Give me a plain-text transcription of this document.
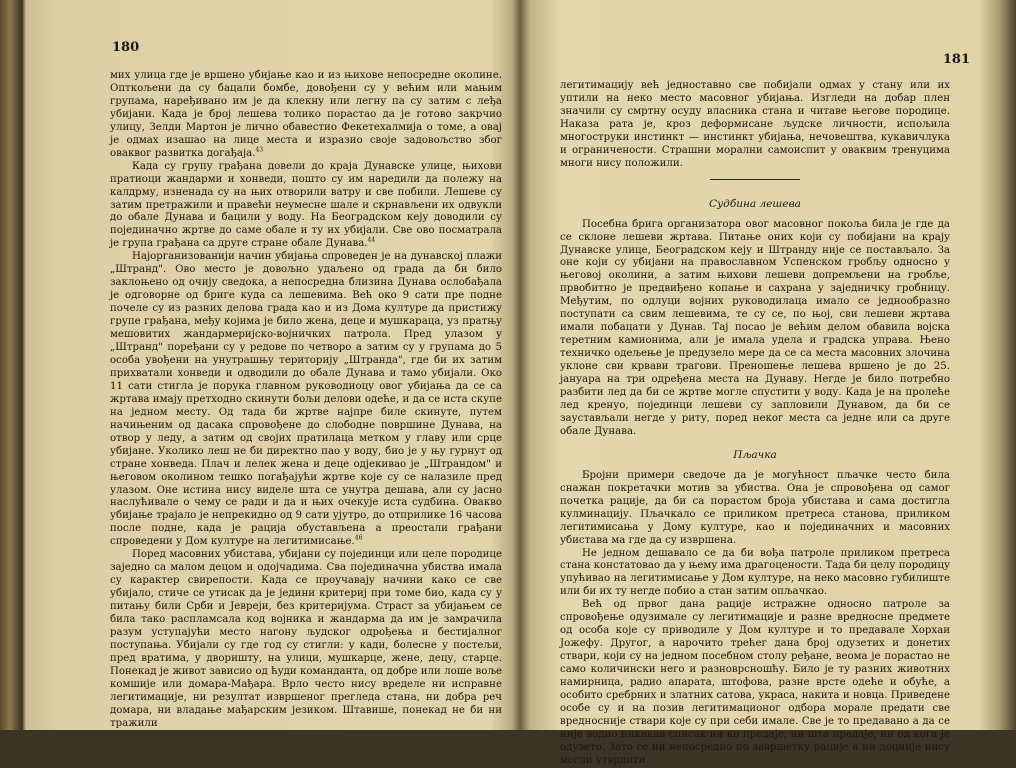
180

мих улица где је вршено убијање као и из њихове непосредне околине. Опткољени да су бацали бомбе, довођени су у већим или мањим групама, наређивано им је да клекну или легну па су затим с леђа убијани. Када је број лешева толико порастао да је готово закрчио улицу, Зелди Мартон је лично обавестио Фекетехалмија о томе, а овај је одмах изашао на лице места и изразио своје задовољство због оваквог развитка догађаја.$^{43}$

Када су групу грађана довели до краја Дунавске улице, њихови пратиоци жандарми и хонведи, пошто су им наредили да полежу на калдрму, изненада су на њих отворили ватру и све побили. Лешеве су затим претражили и правећи неумесне шале и скрнављени их одвукли до обале Дунава и бацили у воду. На Београдском кеју доводили су појединачно жртве до саме обале и ту их убијали. Све ово посматрала је група грађана са друге стране обале Дунава.$^{44}$

Најорганизованији начин убијања спроведен је на дунавској плажи „Штранд". Ово место је довољно удаљено од града да би било заклоњено од очију сведока, а непосредна близина Дунава ослобађала је одговорне од бриге куда са лешевима. Већ око 9 сати пре подне почеле су из разних делова града као и из Дома културе да пристижу групе грађана, међу којима је било жена, деце и мушкараца, уз пратњу мешовитих жандармеријско-војничких патрола. Пред улазом у „Штранд" поређани су у редове по четворо а затим су у групама до 5 особа увођени на унутрашњу територију „Штранда", где би их затим прихватали хонведи и одводили до обале Дунава и тамо убијали. Око 11 сати стигла је порука главном руководиоцу овог убијања да се са жртава имају претходно скинути бољи делови одеће, и да се иста скупе на једном месту. Од тада би жртве најпре биле скинуте, путем начињеним од дасака спровођене до слободне површине Дунава, на отвор у леду, а затим од својих пратилаца метком у главу или срце убијане. Уколико леш не би директно пао у воду, био је у њу гурнут од стране хонведа. Плач и лелек жена и деце одјекивао је „Штрандом" и његовом околином тешко погађајући жртве које су се налазиле пред улазом. Оне истина нису виделе шта се унутра дешава, али су јасно наслућивале о чему се ради и да и њих очекује иста судбина. Овакво убијање трајало је непрекидно од 9 сати ујутро, до отприлике 16 часова после подне, када је рација обустављена а преостали грађани спроведени у Дом културе на легитимисање.$^{46}$

Поред масовних убистава, убијани су појединци или целе породице заједно са малом децом и одојчадима. Сва појединачна убиства имала су карактер свирепости. Када се проучавају начини како се све убијало, стиче се утисак да је једини критериј при томе био, када су у питању били Срби и Јевреји, без критеријума. Страст за убијањем се била тако распламсала код војника и жандарма да им је замрачила разум уступајући место нагону људског одрођења и бестијалног поступања. Убијали су где год су стигли: у кади, болесне у постељи, пред вратима, у дворишту, на улици, мушкарце, жене, децу, старце. Понекад је живот зависио од ћуди команданта, од добре или лоше воље комшије или домара-Мађара. Врло често нису вределе ни исправне легитимације, ни резултат извршеног прегледа стана, ни добра реч домара, ни владање мађарским језиком. Штавише, понекад не би ни тражили

181

легитимацију већ једноставно све побијали одмах у стану или их уптили на неко место масовног убијања. Изгледи на добар плен значили су смртну осуду власника стана и читаве његове породице. Наказа рата је, крoз деформисане људске личности, испољила многоструки инстинкт — инстинкт убијања, нечовештва, кукавичлука и ограничености. Страшни морални самоиспит у оваквим тренуцима многи нису положили.

Судбина лешева

Посебна брига организатора овог масовног покоља била је где да се склоне лешеви жртава. Питање оних који су побијани на крају Дунавске улице, Београдском кеју и Штранду није се постављало. За оне који су убијани на православном Успенском гробљу односно у његовој околини, а затим њихови лешеви допремљени на гробље, првобитно је предвиђено копање и сахрана у заједничку гробницу. Међутим, по одлуци војних руководилаца имало се једнообразно поступати са свим лешевима, те су се, по њој, сви лешеви жртава имали побацати у Дунав. Тај посао је већим делом обавила војска теретним камионима, али је имала удела и градска управа. Њено техничко одељење је предузело мере да се са места масовних злочина уклоне сви крвави трагови. Преношење лешева вршено је до 25. јануара на три одређена места на Дунаву. Негде је било потребно разбити лед да би се жртве могле спустити у воду. Када је на пролеће лед кренуо, појединци лешеви су заплoвили Дунавом, да би се заустављали негде у риту, поред неког места са једне или са друге обале Дунава.

Пљачка

Бројни примери сведоче да је могућност пљачке често била снажан покретачки мотив за убиства. Она је спровођена од самог почетка рације, да би са порастом броја убистава и сама достигла кулминацију. Пљачкало се приликом претреса станова, приликом легитимисања у Дому културе, као и појединачних и масовних убистава ма где да су извршена.

Не једном дешавало се да би вођа патроле приликом претреса стана констатовао да у њему има драгоцености. Тада би целу породицу упућивао на легитимисање у Дом културе, на неко масовно губилиште или би их ту негде побио а стан затим опљачкао.

Већ од првог дана рације истражне односно патроле за спровођење одузимале су легитимације и разне вредносне предмете од особа које су приводиле у Дом културе и то предавале Хорхаи Јожефу. Другог, а нарочито трећег дана број одузетих и донетих ствари, који су на једном посебном столу ређане, веома је порастао не само количински него и разноврсношћу. Било је ту разних животних намирница, радио апарата, штофова, разне врсте одеће и обуће, а особито сребрних и златних сатова, украса, накита и новца. Приведене особе су и на позив легитимационог одбора морале предати све вредносније ствари које су при себи имале. Све је то предавано а да се није водио никакав списак ни ко предаје, ни шта предаје, ни од кога је одузето. Зато се ни непосредно по завршетку рације а ни доцније нису могли утврдити
